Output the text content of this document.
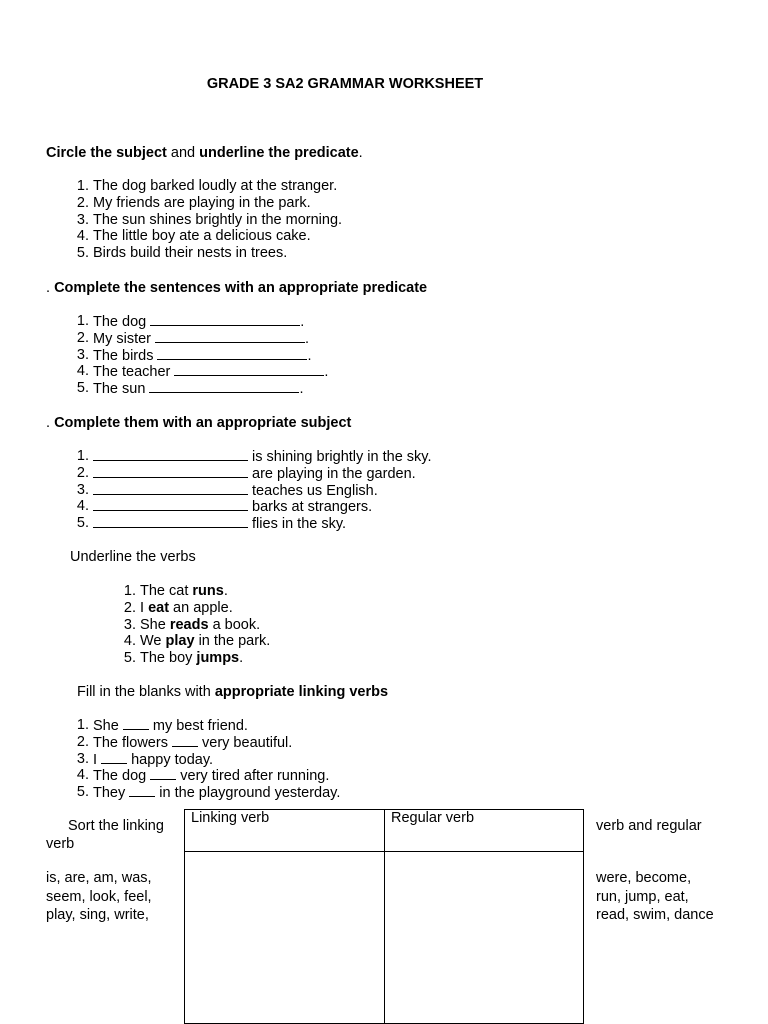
GRADE 3 SA2 GRAMMAR WORKSHEET
Circle the subject and underline the predicate.
1. The dog barked loudly at the stranger.
2. My friends are playing in the park.
3. The sun shines brightly in the morning.
4. The little boy ate a delicious cake.
5. Birds build their nests in trees.
. Complete the sentences with an appropriate predicate
1. The dog	.
2. My sister	.
3. The birds	.
4. The teacher	.
5. The sun	.
. Complete them with an appropriate subject
1.	is shining brightly in the sky.
2.	are playing in the garden.
3.	teaches us English.
4.	barks at strangers.
5.	flies in the sky.
Underline the verbs
1. The cat runs.
2. I eat an apple.
3. She reads a book.
4. We play in the park.
5. The boy jumps.
Fill in the blanks with appropriate linking verbs
1. She  my best friend.
2. The flowers  very beautiful.
3. I  happy today.
4. The dog  very tired after running.
5. They  in the playground yesterday.
Sort the linking
verb
verb and regular
is, are, am, was,
seem, look, feel,
play, sing, write,
were, become,
run, jump, eat,
read, swim, dance
Linking verb	Regular verb
